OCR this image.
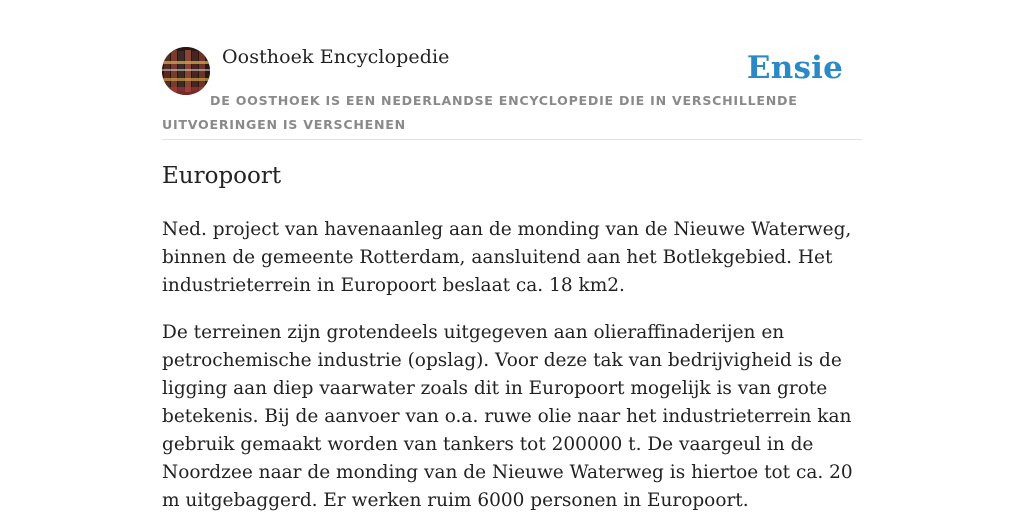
Oosthoek Encyclopedie	Ensie
DE OOSTHOEK IS EEN NEDERLANDSE ENCYCLOPEDIE DIE IN VERSCHILLENDE UITVOERINGEN IS VERSCHENEN
Europoort

Ned. project van havenaanleg aan de monding van de Nieuwe Waterweg, binnen de gemeente Rotterdam, aansluitend aan het Botlekgebied. Het industrieterrein in Europoort beslaat ca. 18 km2.

De terreinen zijn grotendeels uitgegeven aan olieraffinaderijen en petrochemische industrie (opslag). Voor deze tak van bedrijvigheid is de ligging aan diep vaarwater zoals dit in Europoort mogelijk is van grote betekenis. Bij de aanvoer van o.a. ruwe olie naar het industrieterrein kan gebruik gemaakt worden van tankers tot 200000 t. De vaargeul in de Noordzee naar de monding van de Nieuwe Waterweg is hiertoe tot ca. 20 m uitgebaggerd. Er werken ruim 6000 personen in Europoort.
